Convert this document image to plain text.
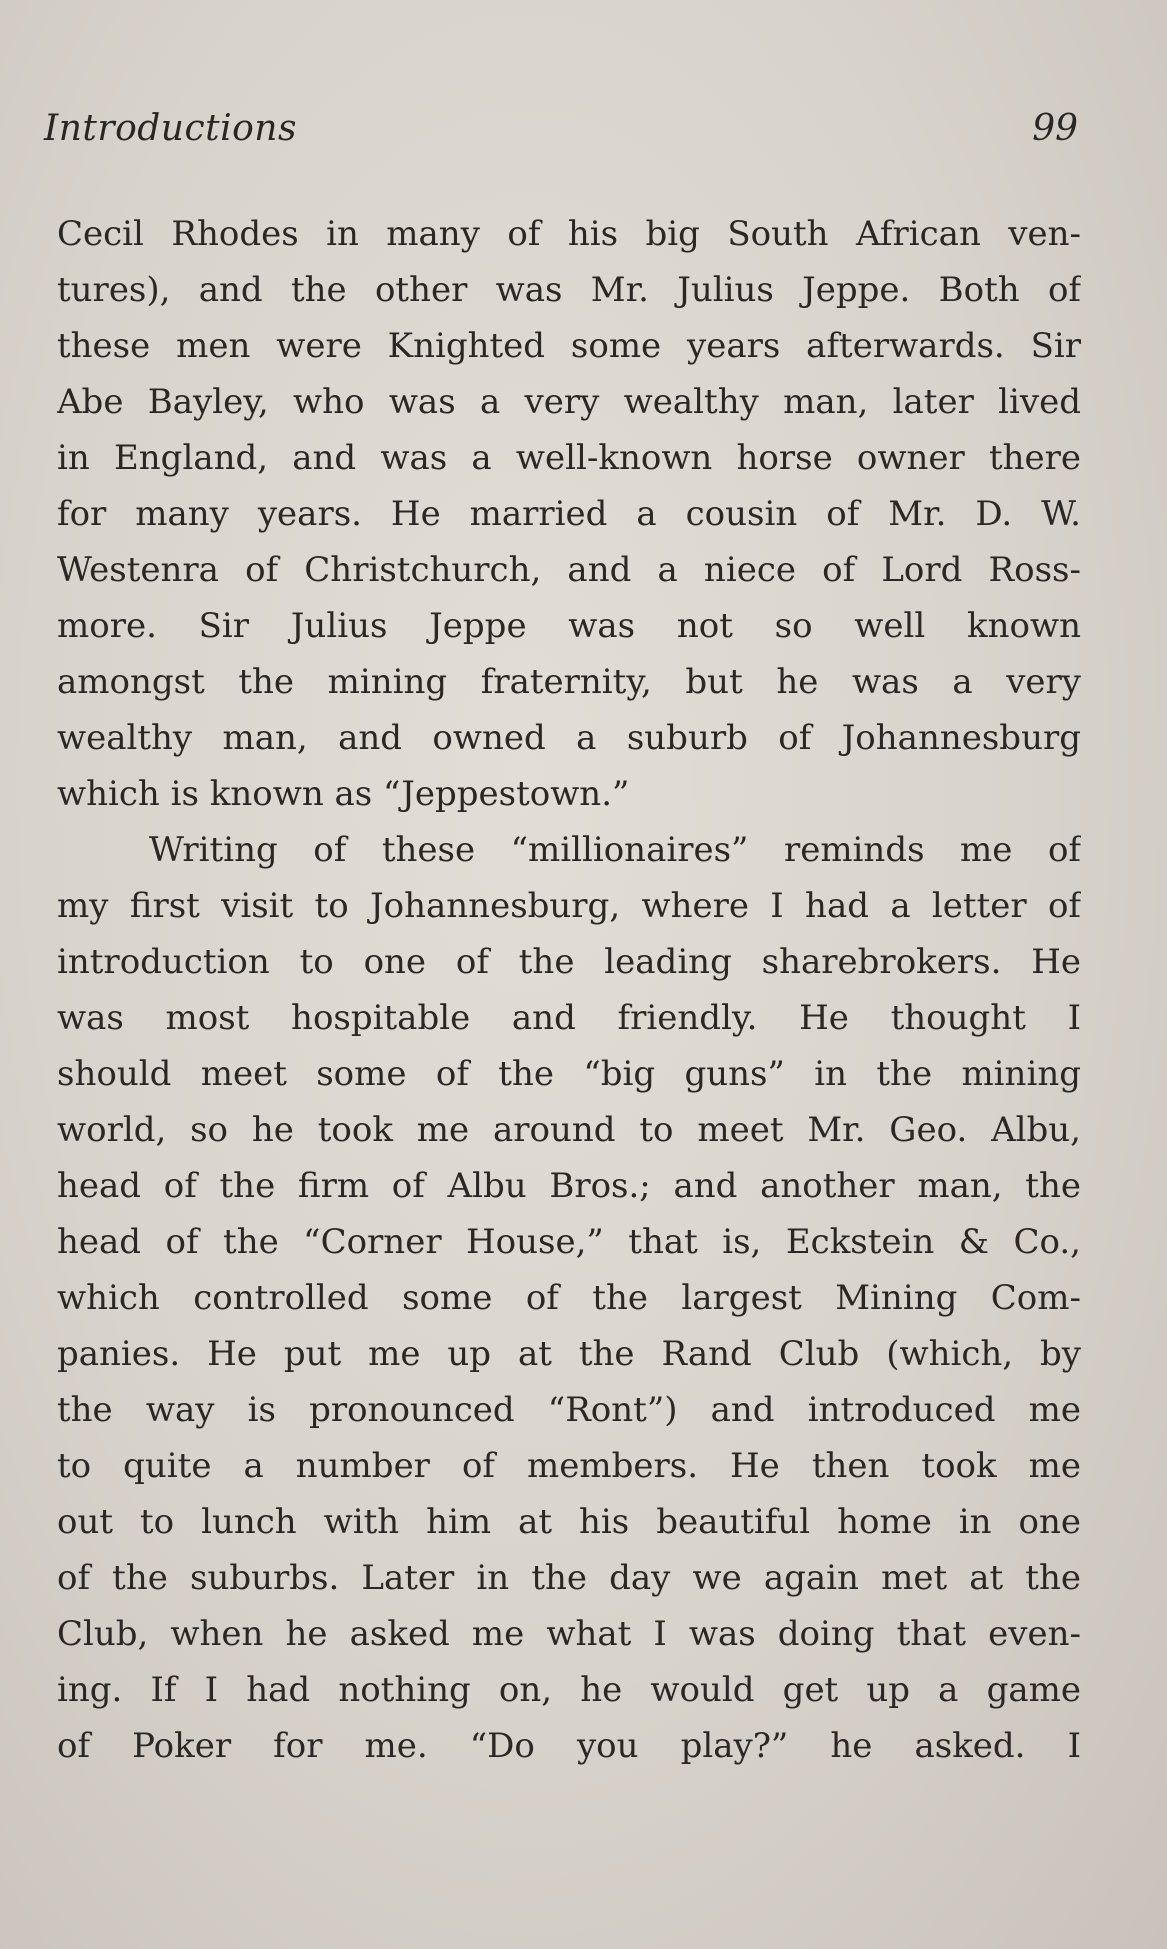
Introductions	99
Cecil Rhodes in many of his big South African ven-
tures), and the other was Mr. Julius Jeppe. Both of
these men were Knighted some years afterwards. Sir
Abe Bayley, who was a very wealthy man, later lived
in England, and was a well-known horse owner there
for many years. He married a cousin of Mr. D. W.
Westenra of Christchurch, and a niece of Lord Ross-
more. Sir Julius Jeppe was not so well known
amongst the mining fraternity, but he was a very
wealthy man, and owned a suburb of Johannesburg
which is known as “Jeppestown.”
Writing of these “millionaires” reminds me of
my first visit to Johannesburg, where I had a letter of
introduction to one of the leading sharebrokers. He
was most hospitable and friendly. He thought I
should meet some of the “big guns” in the mining
world, so he took me around to meet Mr. Geo. Albu,
head of the firm of Albu Bros.; and another man, the
head of the “Corner House,” that is, Eckstein & Co.,
which controlled some of the largest Mining Com-
panies. He put me up at the Rand Club (which, by
the way is pronounced “Ront”) and introduced me
to quite a number of members. He then took me
out to lunch with him at his beautiful home in one
of the suburbs. Later in the day we again met at the
Club, when he asked me what I was doing that even-
ing. If I had nothing on, he would get up a game
of Poker for me. “Do you play?” he asked. I
